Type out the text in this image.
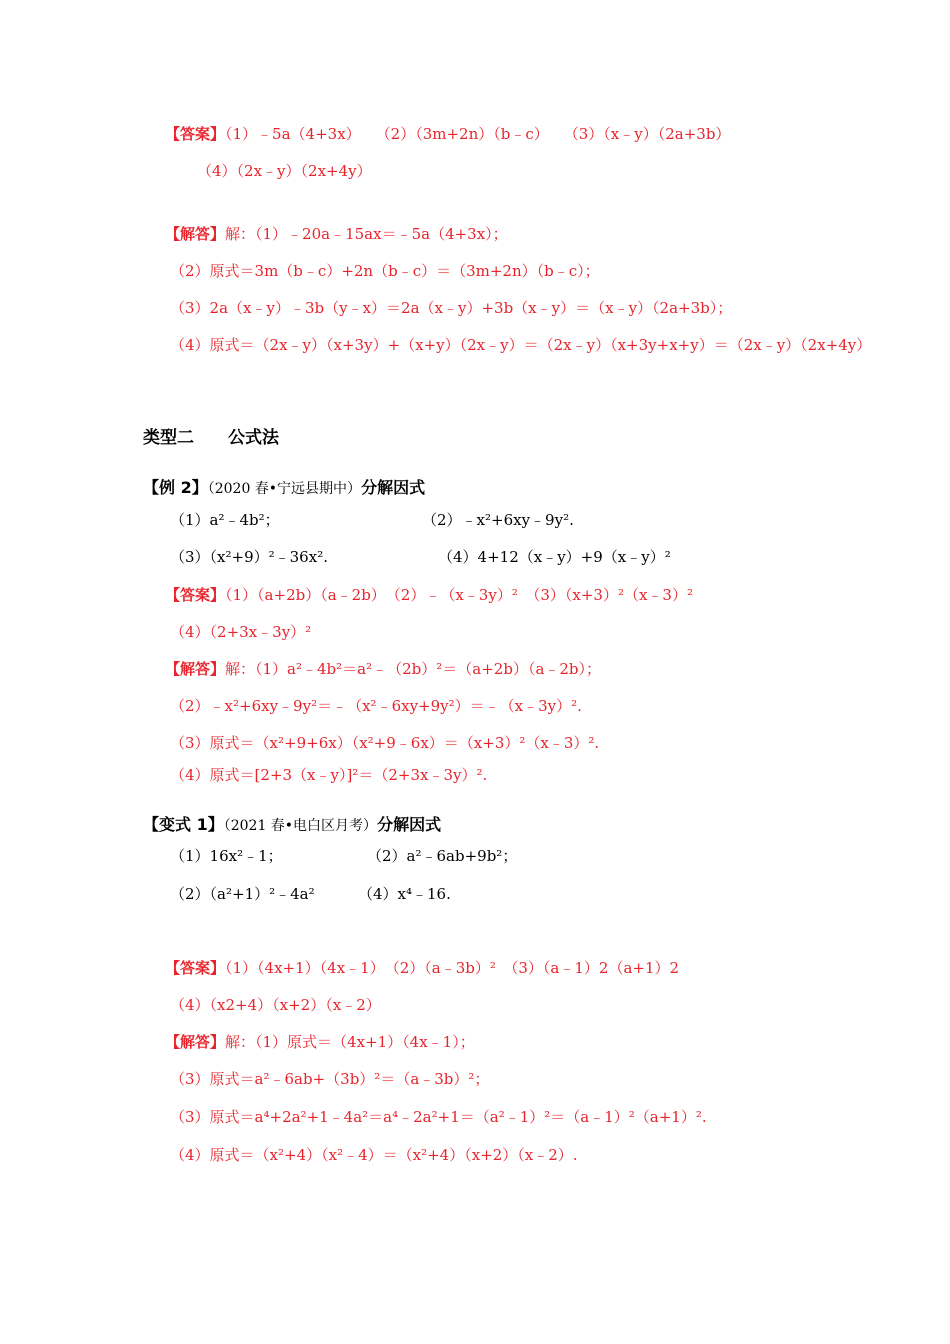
【答案】（1）﹣5a（4+3x）　　（2）（3m+2n）（b﹣c）　　（3）（x﹣y）（2a+3b）
（4）（2x﹣y）（2x+4y）
【解答】解：（1）﹣20a﹣15ax＝﹣5a（4+3x）；
（2）原式＝3m（b﹣c）+2n（b﹣c）＝（3m+2n）（b﹣c）；
（3）2a（x﹣y）﹣3b（y﹣x）＝2a（x﹣y）+3b（x﹣y）＝（x﹣y）（2a+3b）；
（4）原式＝（2x﹣y）（x+3y）+（x+y）（2x﹣y）＝（2x﹣y）（x+3y+x+y）＝（2x﹣y）（2x+4y）
类型二　　公式法
【例 2】（2020 春•宁远县期中）分解因式
（1）a²﹣4b²；	（2）﹣x²+6xy﹣9y².
（3）（x²+9）²﹣36x².	（4）4+12（x﹣y）+9（x﹣y）²
【答案】（1）（a+2b）（a﹣2b）　（2）﹣（x﹣3y）²　（3）（x+3）²（x﹣3）²
（4）（2+3x﹣3y）²
【解答】解：（1）a²﹣4b²＝a²﹣（2b）²＝（a+2b）（a﹣2b）；
（2）﹣x²+6xy﹣9y²＝﹣（x²﹣6xy+9y²）＝﹣（x﹣3y）².
（3）原式＝（x²+9+6x）（x²+9﹣6x）＝（x+3）²（x﹣3）².
（4）原式＝[2+3（x﹣y）]²＝（2+3x﹣3y）².
【变式 1】（2021 春•电白区月考）分解因式
（1）16x²﹣1；	（2）a²﹣6ab+9b²；
（2）（a²+1）²﹣4a²	（4）x⁴﹣16.
【答案】（1）（4x+1）（4x﹣1）　（2）（a﹣3b）²　（3）（a﹣1）2（a+1）2
（4）（x2+4）（x+2）（x﹣2）
【解答】解：（1）原式＝（4x+1）（4x﹣1）；
（3）原式＝a²﹣6ab+（3b）²＝（a﹣3b）²；
（3）原式＝a⁴+2a²+1﹣4a²＝a⁴﹣2a²+1＝（a²﹣1）²＝（a﹣1）²（a+1）².
（4）原式＝（x²+4）（x²﹣4）＝（x²+4）（x+2）（x﹣2）.
